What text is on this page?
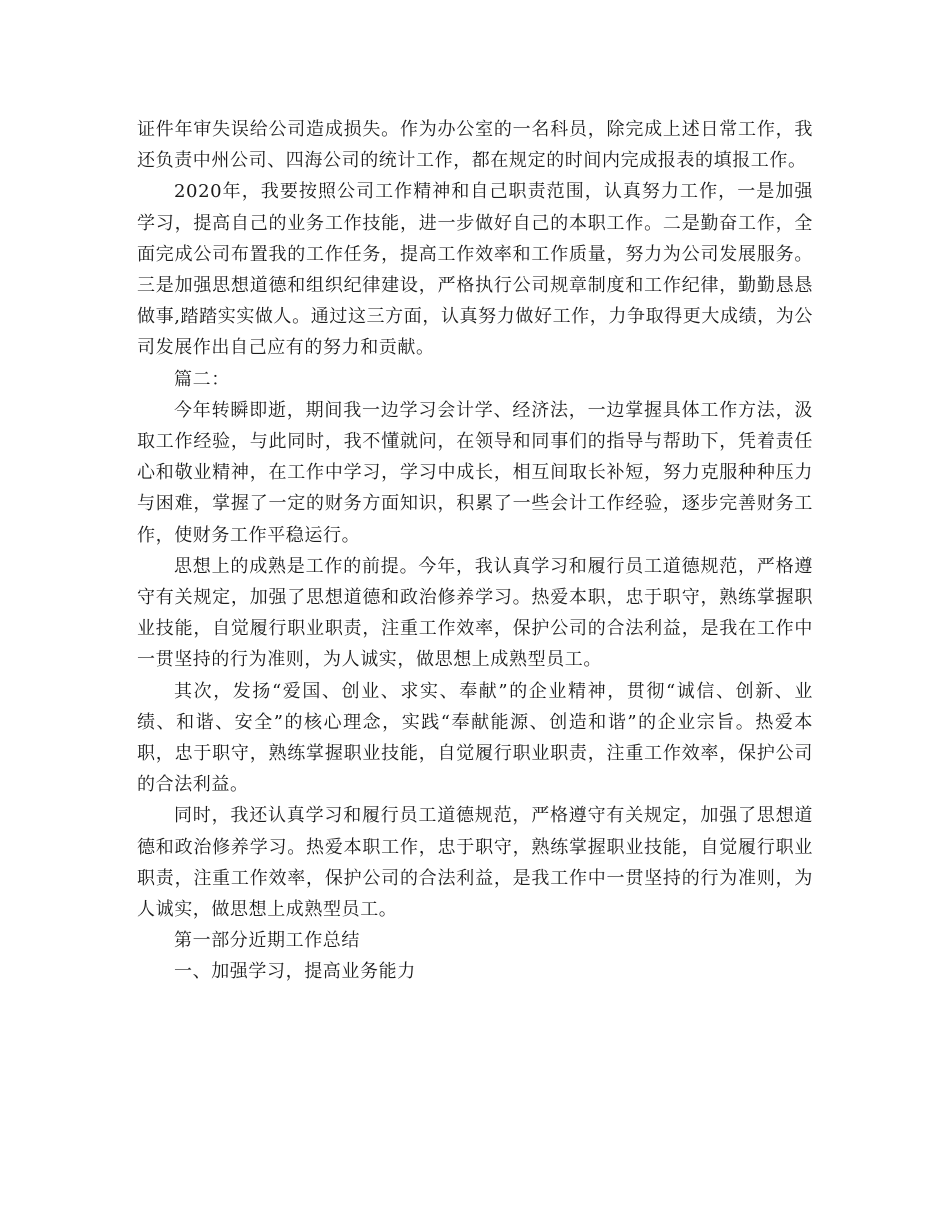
证件年审失误给公司造成损失。作为办公室的一名科员，除完成上述日常工作，我还负责中州公司、四海公司的统计工作，都在规定的时间内完成报表的填报工作。

2020年，我要按照公司工作精神和自己职责范围，认真努力工作，一是加强学习，提高自己的业务工作技能，进一步做好自己的本职工作。二是勤奋工作，全面完成公司布置我的工作任务，提高工作效率和工作质量，努力为公司发展服务。三是加强思想道德和组织纪律建设，严格执行公司规章制度和工作纪律，勤勤恳恳做事,踏踏实实做人。通过这三方面，认真努力做好工作，力争取得更大成绩，为公司发展作出自己应有的努力和贡献。

篇二：

今年转瞬即逝，期间我一边学习会计学、经济法，一边掌握具体工作方法，汲取工作经验，与此同时，我不懂就问，在领导和同事们的指导与帮助下，凭着责任心和敬业精神，在工作中学习，学习中成长，相互间取长补短，努力克服种种压力与困难，掌握了一定的财务方面知识，积累了一些会计工作经验，逐步完善财务工作，使财务工作平稳运行。

思想上的成熟是工作的前提。今年，我认真学习和履行员工道德规范，严格遵守有关规定，加强了思想道德和政治修养学习。热爱本职，忠于职守，熟练掌握职业技能，自觉履行职业职责，注重工作效率，保护公司的合法利益，是我在工作中一贯坚持的行为准则，为人诚实，做思想上成熟型员工。

其次，发扬“爱国、创业、求实、奉献”的企业精神，贯彻“诚信、创新、业绩、和谐、安全”的核心理念，实践“奉献能源、创造和谐”的企业宗旨。热爱本职，忠于职守，熟练掌握职业技能，自觉履行职业职责，注重工作效率，保护公司的合法利益。

同时，我还认真学习和履行员工道德规范，严格遵守有关规定，加强了思想道德和政治修养学习。热爱本职工作，忠于职守，熟练掌握职业技能，自觉履行职业职责，注重工作效率，保护公司的合法利益，是我工作中一贯坚持的行为准则，为人诚实，做思想上成熟型员工。

第一部分近期工作总结

一、加强学习，提高业务能力
